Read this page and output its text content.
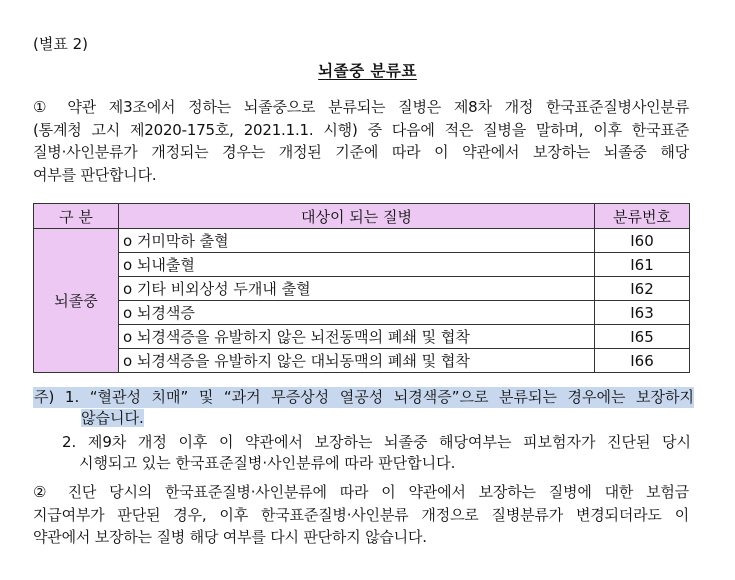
(별표 2)
뇌졸중 분류표
① 약관 제3조에서 정하는 뇌졸중으로 분류되는 질병은 제8차 개정 한국표준질병사인분류
(통계청 고시 제2020-175호, 2021.1.1. 시행) 중 다음에 적은 질병을 말하며, 이후 한국표준
질병·사인분류가 개정되는 경우는 개정된 기준에 따라 이 약관에서 보장하는 뇌졸중 해당
여부를 판단합니다.
구 분	대상이 되는 질병	분류번호
뇌졸중	o 거미막하 출혈	I60
	o 뇌내출혈	I61
	o 기타 비외상성 두개내 출혈	I62
	o 뇌경색증	I63
	o 뇌경색증을 유발하지 않은 뇌전동맥의 폐쇄 및 협착	I65
	o 뇌경색증을 유발하지 않은 대뇌동맥의 폐쇄 및 협착	I66
주) 1. “혈관성 치매” 및 “과거 무증상성 열공성 뇌경색증”으로 분류되는 경우에는 보장하지
않습니다.
2. 제9차 개정 이후 이 약관에서 보장하는 뇌졸중 해당여부는 피보험자가 진단된 당시
시행되고 있는 한국표준질병·사인분류에 따라 판단합니다.
② 진단 당시의 한국표준질병·사인분류에 따라 이 약관에서 보장하는 질병에 대한 보험금
지급여부가 판단된 경우, 이후 한국표준질병·사인분류 개정으로 질병분류가 변경되더라도 이
약관에서 보장하는 질병 해당 여부를 다시 판단하지 않습니다.
